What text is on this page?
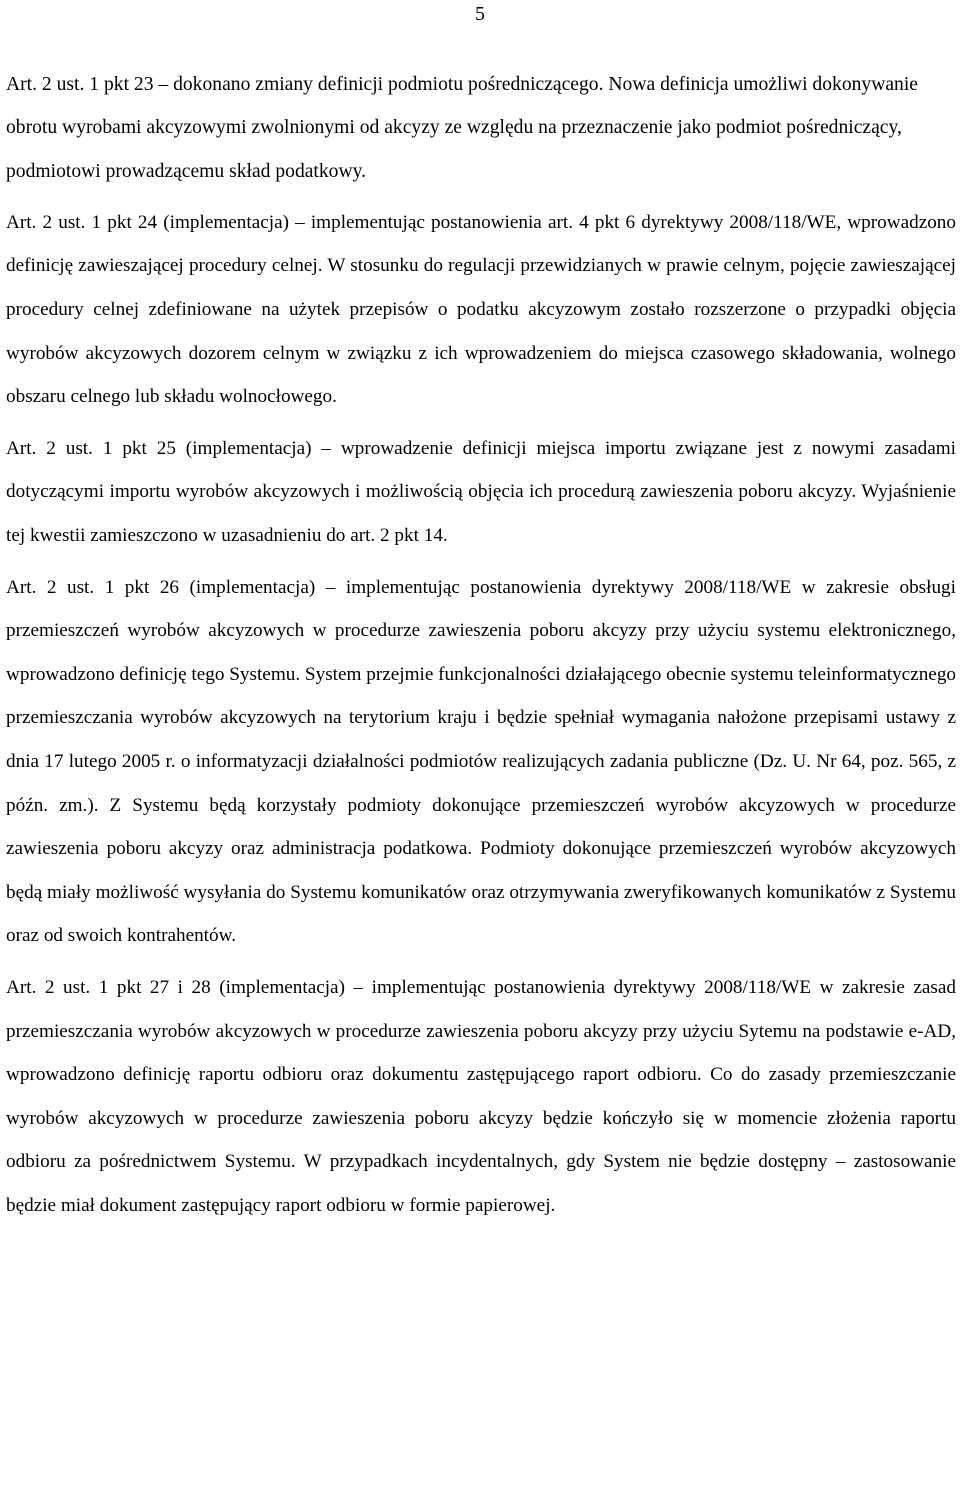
5

Art. 2 ust. 1 pkt 23 – dokonano zmiany definicji podmiotu pośredniczącego. Nowa definicja umożliwi dokonywanie obrotu wyrobami akcyzowymi zwolnionymi od akcyzy ze względu na przeznaczenie jako podmiot pośredniczący, podmiotowi prowadzącemu skład podatkowy.

Art. 2 ust. 1 pkt 24 (implementacja) – implementując postanowienia art. 4 pkt 6 dyrektywy 2008/118/WE, wprowadzono definicję zawieszającej procedury celnej. W stosunku do regulacji przewidzianych w prawie celnym, pojęcie zawieszającej procedury celnej zdefiniowane na użytek przepisów o podatku akcyzowym zostało rozszerzone o przypadki objęcia wyrobów akcyzowych dozorem celnym w związku z ich wprowadzeniem do miejsca czasowego składowania, wolnego obszaru celnego lub składu wolnocłowego.

Art. 2 ust. 1 pkt 25 (implementacja) – wprowadzenie definicji miejsca importu związane jest z nowymi zasadami dotyczącymi importu wyrobów akcyzowych i możliwością objęcia ich procedurą zawieszenia poboru akcyzy. Wyjaśnienie tej kwestii zamieszczono w uzasadnieniu do art. 2 pkt 14.

Art. 2 ust. 1 pkt 26 (implementacja) – implementując postanowienia dyrektywy 2008/118/WE w zakresie obsługi przemieszczeń wyrobów akcyzowych w procedurze zawieszenia poboru akcyzy przy użyciu systemu elektronicznego, wprowadzono definicję tego Systemu. System przejmie funkcjonalności działającego obecnie systemu teleinformatycznego przemieszczania wyrobów akcyzowych na terytorium kraju i będzie spełniał wymagania nałożone przepisami ustawy z dnia 17 lutego 2005 r. o informatyzacji działalności podmiotów realizujących zadania publiczne (Dz. U. Nr 64, poz. 565, z późn. zm.). Z Systemu będą korzystały podmioty dokonujące przemieszczeń wyrobów akcyzowych w procedurze zawieszenia poboru akcyzy oraz administracja podatkowa. Podmioty dokonujące przemieszczeń wyrobów akcyzowych będą miały możliwość wysyłania do Systemu komunikatów oraz otrzymywania zweryfikowanych komunikatów z Systemu oraz od swoich kontrahentów.

Art. 2 ust. 1 pkt 27 i 28 (implementacja) – implementując postanowienia dyrektywy 2008/118/WE w zakresie zasad przemieszczania wyrobów akcyzowych w procedurze zawieszenia poboru akcyzy przy użyciu Sytemu na podstawie e-AD, wprowadzono definicję raportu odbioru oraz dokumentu zastępującego raport odbioru. Co do zasady przemieszczanie wyrobów akcyzowych w procedurze zawieszenia poboru akcyzy będzie kończyło się w momencie złożenia raportu odbioru za pośrednictwem Systemu. W przypadkach incydentalnych, gdy System nie będzie dostępny – zastosowanie będzie miał dokument zastępujący raport odbioru w formie papierowej.
